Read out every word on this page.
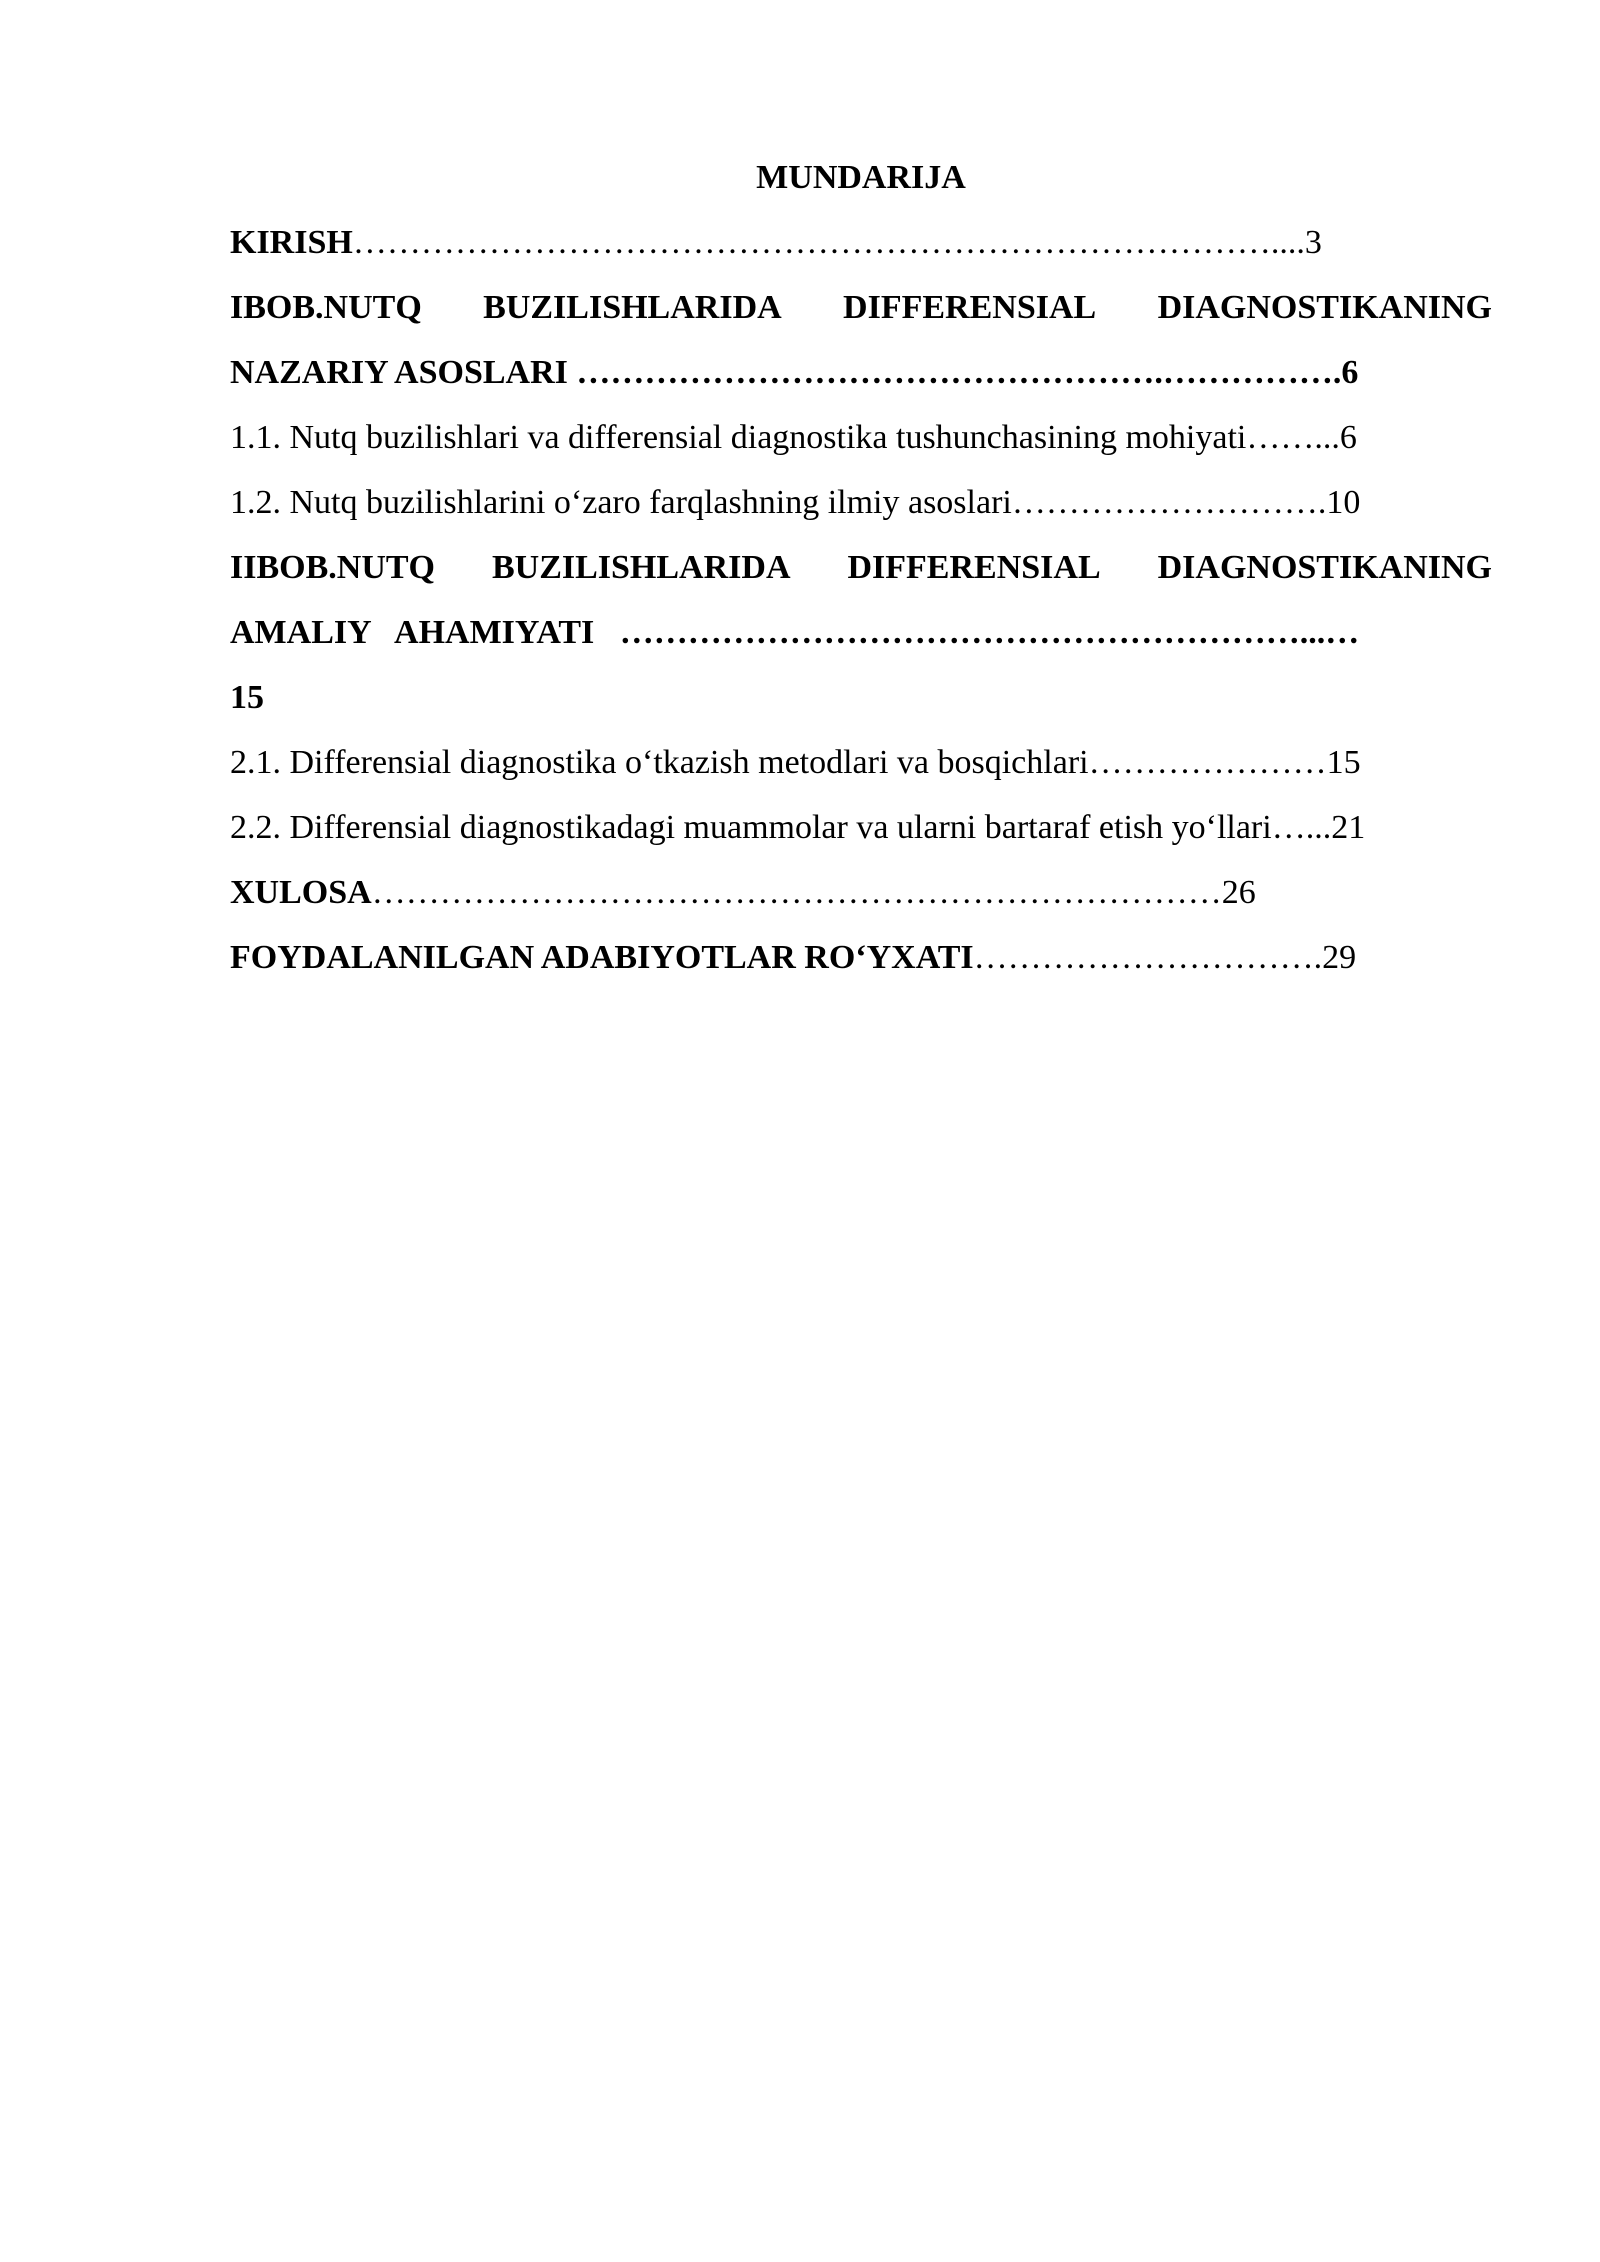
MUNDARIJA
KIRISH………………………………………………………………………....3
IBOB.NUTQ BUZILISHLARIDA DIFFERENSIAL DIAGNOSTIKANING
NAZARIY ASOSLARI …………………………………………….…………….6
1.1. Nutq buzilishlari va differensial diagnostika tushunchasining mohiyati……...6
1.2. Nutq buzilishlarini o‘zaro farqlashning ilmiy asoslari……………………….10
IIBOB.NUTQ BUZILISHLARIDA DIFFERENSIAL DIAGNOSTIKANING
AMALIY   AHAMIYATI ……………………………………………………...…
15
2.1. Differensial diagnostika o‘tkazish metodlari va bosqichlari…………………15
2.2. Differensial diagnostikadagi muammolar va ularni bartaraf etish yo‘llari…...21
XULOSA…………………………………………………………………26
FOYDALANILGAN ADABIYOTLAR RO‘YXATI………………………….29
